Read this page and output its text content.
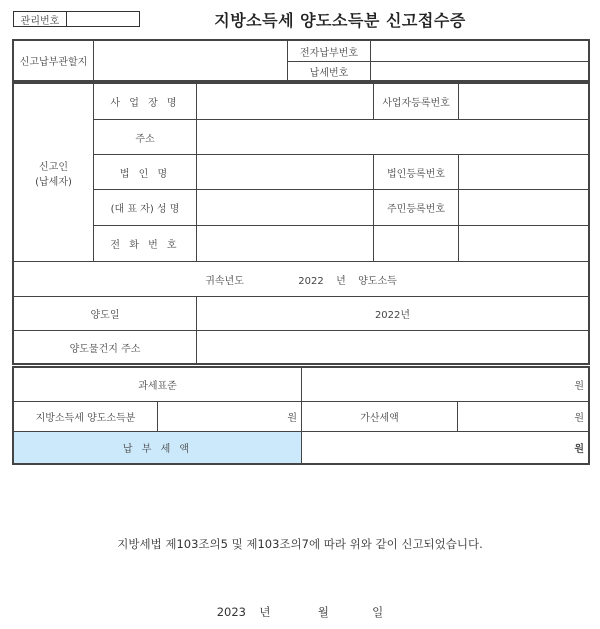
관리번호	지방소득세 양도소득분 신고접수증
신고납부관할지		전자납부번호	
		납세번호	
신고인
(납세자)	사 업 장 명		사업자등록번호	
	주소			
	법 인 명		법인등록번호	
	(대 표 자) 성 명		주민등록번호	
	전 화 번 호			
귀속년도 2022 년 양도소득				
양도일		2022년		
양도물건지 주소				
과세표준		원	
지방소득세 양도소득분	원	가산세액	원
납 부 세 액		원	
지방세법 제103조의5 및 제103조의7에 따라 위와 같이 신고되었습니다.
2023 년	월	일
